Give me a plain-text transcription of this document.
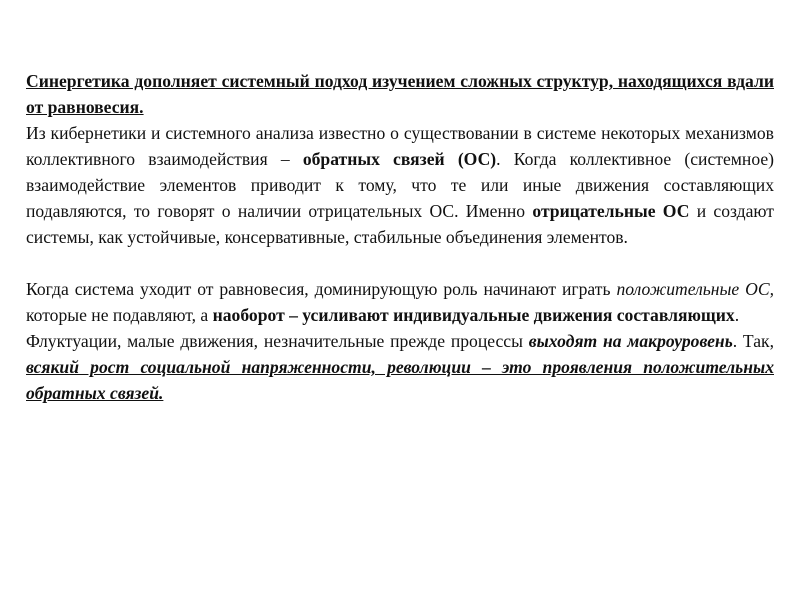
Синергетика дополняет системный подход изучением сложных структур, находящихся вдали от равновесия.

Из кибернетики и системного анализа известно о существовании в системе некоторых механизмов коллективного взаимодействия – обратных связей (ОС). Когда коллективное (системное) взаимодействие элементов приводит к тому, что те или иные движения составляющих подавляются, то говорят о наличии отрицательных ОС. Именно отрицательные ОС и создают системы, как устойчивые, консервативные, стабильные объединения элементов.

Когда система уходит от равновесия, доминирующую роль начинают играть положительные ОС, которые не подавляют, а наоборот – усиливают индивидуальные движения составляющих.

Флуктуации, малые движения, незначительные прежде процессы выходят на макроуровень. Так, всякий рост социальной напряженности, революции – это проявления положительных обратных связей.
